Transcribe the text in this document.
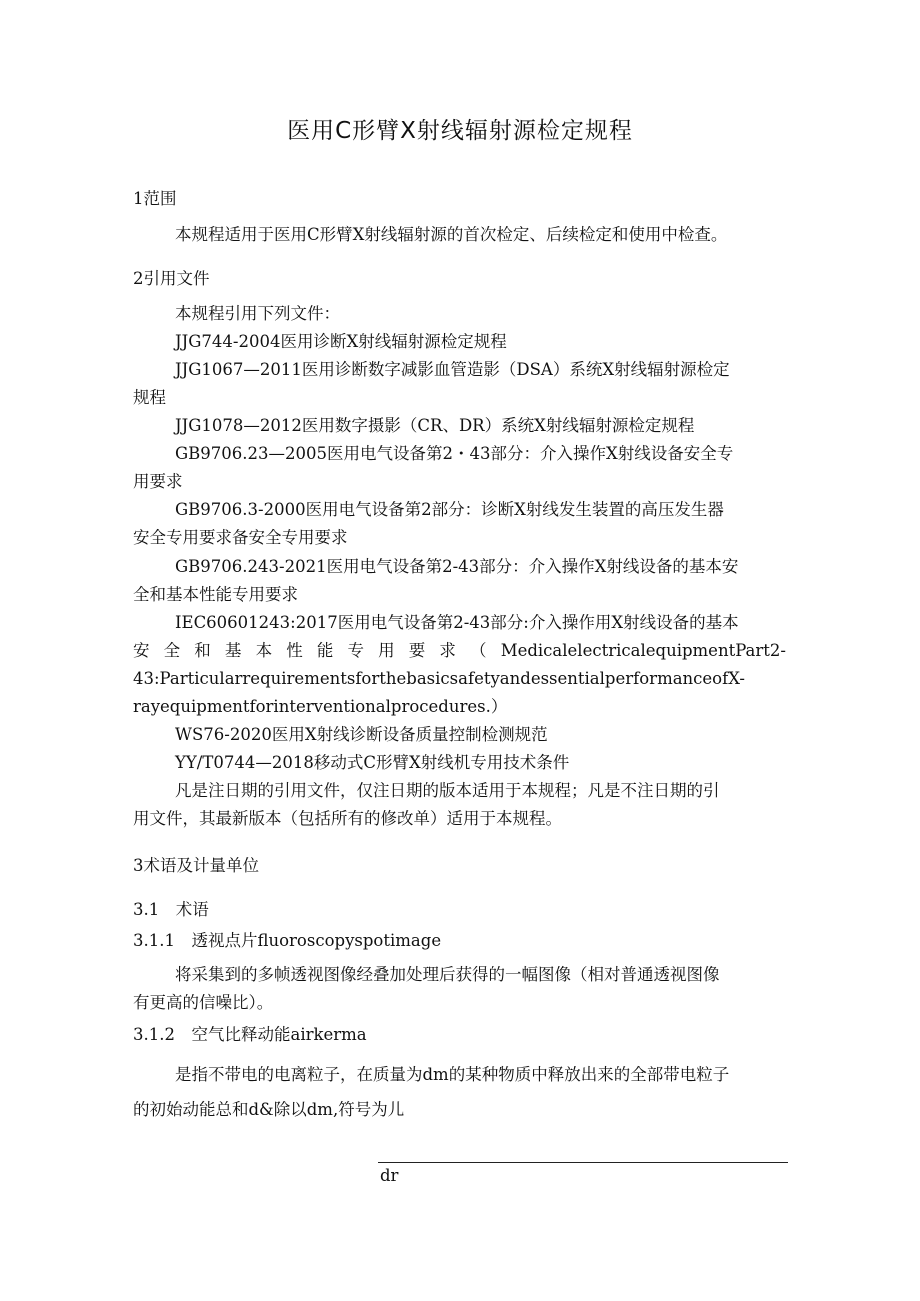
医用C形臂X射线辐射源检定规程
1范围
本规程适用于医用C形臂X射线辐射源的首次检定、后续检定和使用中检查。
2引用文件
本规程引用下列文件：
JJG744-2004医用诊断X射线辐射源检定规程
JJG1067—2011医用诊断数字减影血管造影（DSA）系统X射线辐射源检定
规程
JJG1078—2012医用数字摄影（CR、DR）系统X射线辐射源检定规程
GB9706.23—2005医用电气设备第2・43部分：介入操作X射线设备安全专
用要求
GB9706.3-2000医用电气设备第2部分：诊断X射线发生装置的高压发生器
安全专用要求备安全专用要求
GB9706.243-2021医用电气设备第2-43部分：介入操作X射线设备的基本安
全和基本性能专用要求
IEC60601243:2017医用电气设备第2-43部分:介入操作用X射线设备的基本
安 全 和 基 本 性 能 专 用 要 求 （ MedicalelectricalequipmentPart2-
43:ParticularrequirementsforthebasicsafetyandessentialperformanceofX-
rayequipmentforinterventionalprocedures.）
WS76-2020医用X射线诊断设备质量控制检测规范
YY/T0744—2018移动式C形臂X射线机专用技术条件
凡是注日期的引用文件，仅注日期的版本适用于本规程；凡是不注日期的引
用文件，其最新版本（包括所有的修改单）适用于本规程。
3术语及计量单位
3.1　术语
3.1.1　透视点片fluoroscopyspotimage
将采集到的多帧透视图像经叠加处理后获得的一幅图像（相对普通透视图像
有更高的信噪比）。
3.1.2　空气比释动能airkerma
是指不带电的电离粒子，在质量为dm的某种物质中释放出来的全部带电粒子
的初始动能总和d&除以dm,符号为儿
dr
